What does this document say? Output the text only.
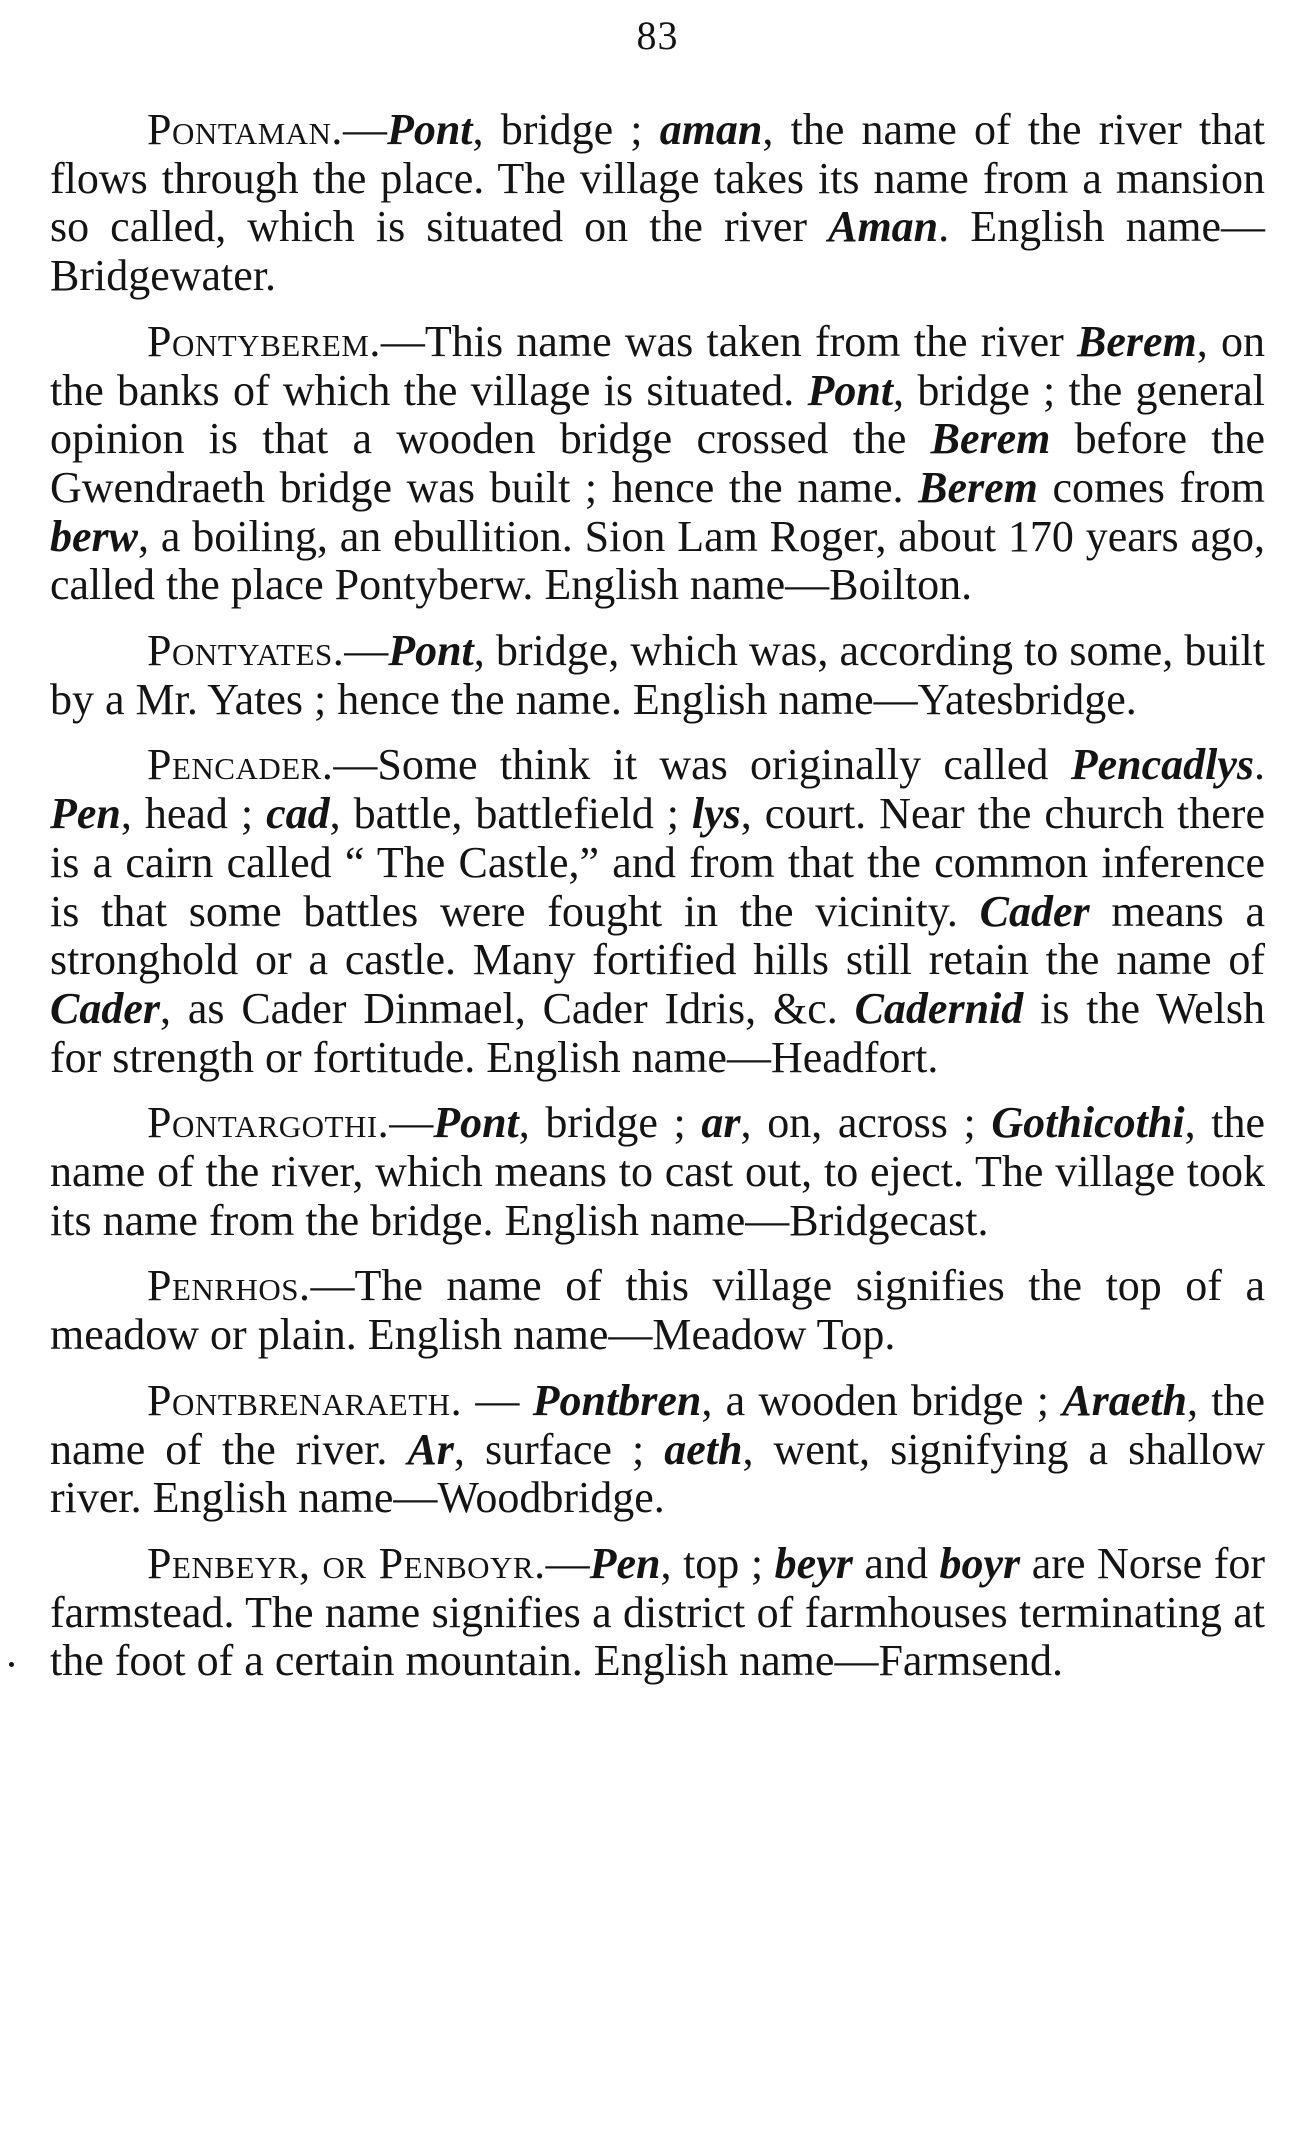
83

Pontaman.—Pont, bridge ; aman, the name of the river that flows through the place. The village takes its name from a mansion so called, which is situated on the river Aman. English name—Bridgewater.

Pontyberem.—This name was taken from the river Berem, on the banks of which the village is situated. Pont, bridge ; the general opinion is that a wooden bridge crossed the Berem before the Gwendraeth bridge was built ; hence the name. Berem comes from berw, a boiling, an ebullition. Sion Lam Roger, about 170 years ago, called the place Pontyberw. English name—Boilton.

Pontyates.—Pont, bridge, which was, according to some, built by a Mr. Yates ; hence the name. English name—Yatesbridge.

Pencader.—Some think it was originally called Pencadlys. Pen, head ; cad, battle, battlefield ; lys, court. Near the church there is a cairn called “ The Castle,” and from that the common inference is that some battles were fought in the vicinity. Cader means a stronghold or a castle. Many fortified hills still retain the name of Cader, as Cader Dinmael, Cader Idris, &c. Cadernid is the Welsh for strength or fortitude. English name—Headfort.

Pontargothi.—Pont, bridge ; ar, on, across ; Gothicothi, the name of the river, which means to cast out, to eject. The village took its name from the bridge. English name—Bridgecast.

Penrhos.—The name of this village signifies the top of a meadow or plain. English name—Meadow Top.

Pontbrenaraeth. — Pontbren, a wooden bridge ; Araeth, the name of the river. Ar, surface ; aeth, went, signifying a shallow river. English name—Woodbridge.

Penbeyr, or Penboyr.—Pen, top ; beyr and boyr are Norse for farmstead. The name signifies a district of farmhouses terminating at the foot of a certain mountain. English name—Farmsend.
